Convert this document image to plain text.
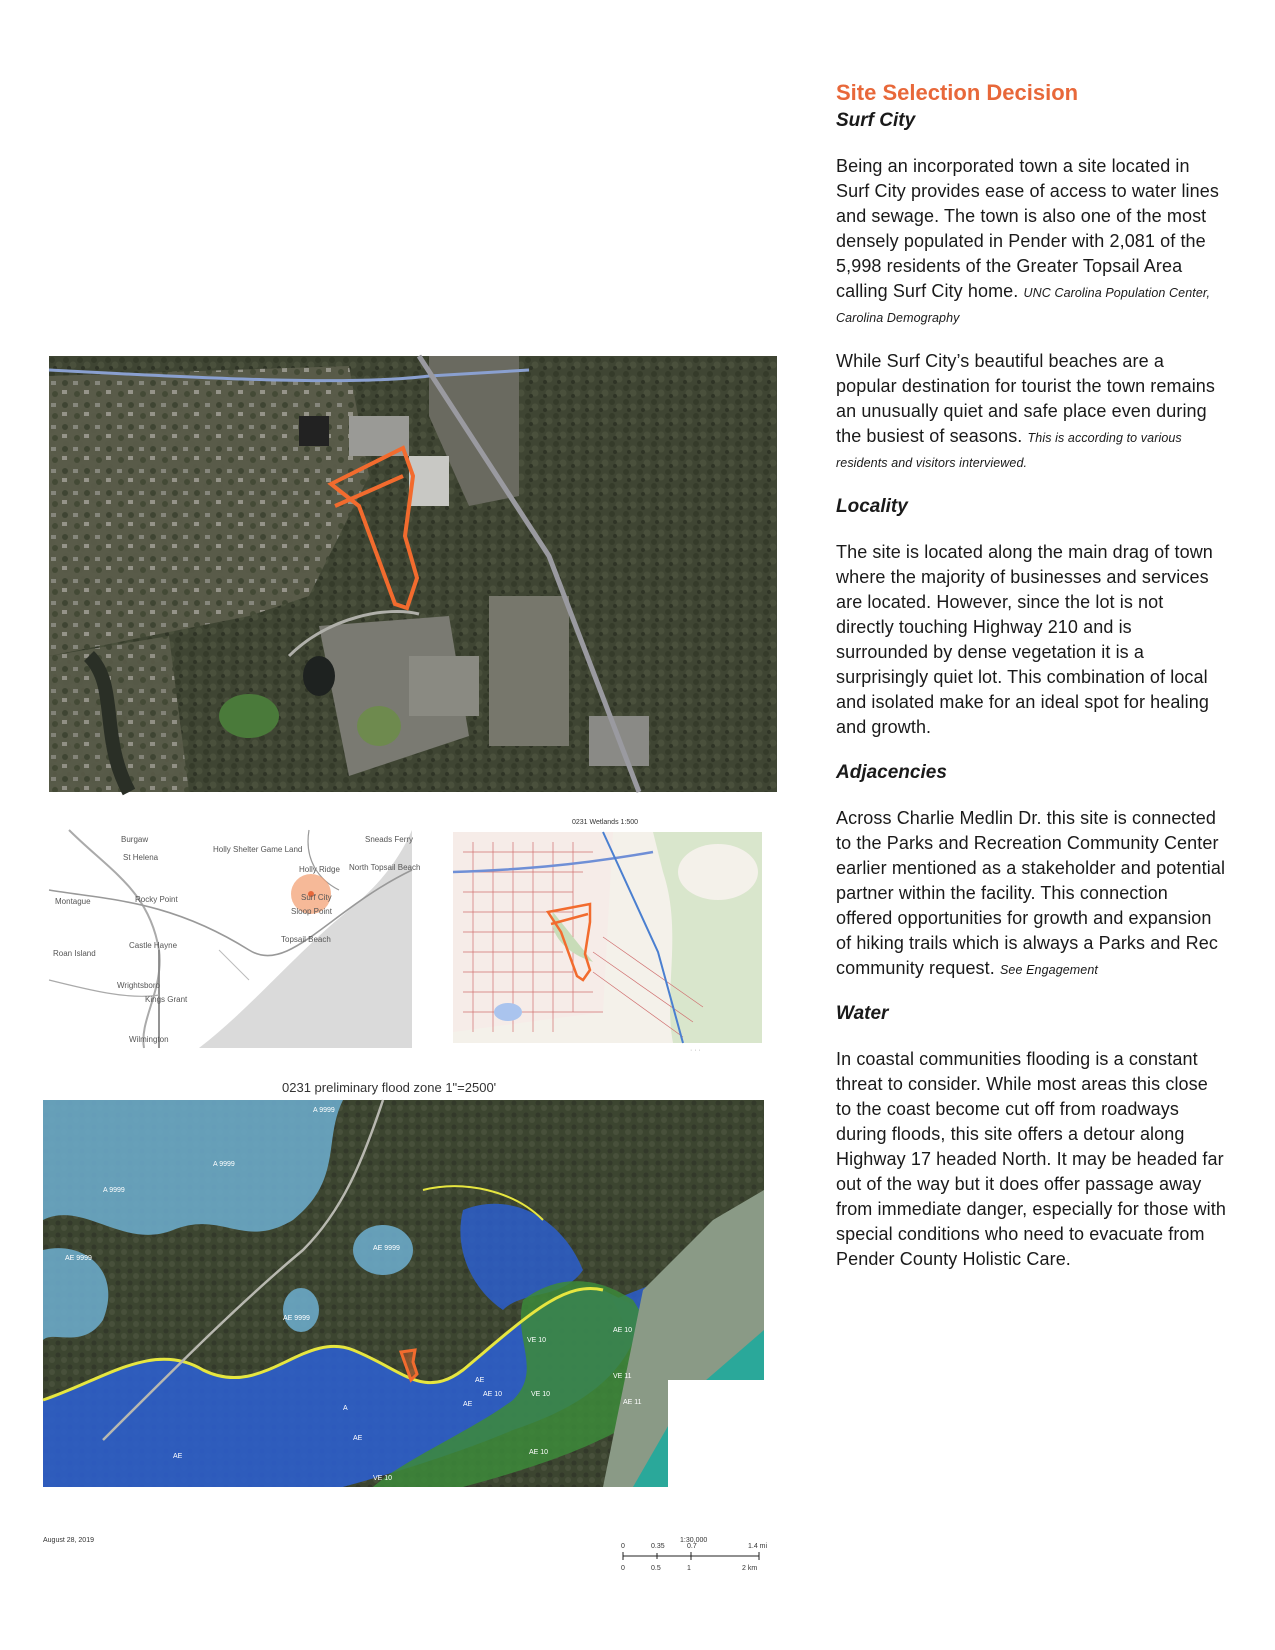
Site Selection Decision
Surf City

Being an incorporated town a site located in Surf City provides ease of access to water lines and sewage. The town is also one of the most densely populated in Pender with 2,081 of the 5,998 residents of the Greater Topsail Area calling Surf City home. UNC Carolina Population Center, Carolina Demography

While Surf City’s beautiful beaches are a popular destination for tourist the town remains an unusually quiet and safe place even during the busiest of seasons. This is according to various residents and visitors interviewed.

Locality

The site is located along the main drag of town where the majority of businesses and services are located. However, since the lot is not directly touching Highway 210 and is surrounded by dense vegetation it is a surprisingly quiet lot. This combination of local and isolated make for an ideal spot for healing and growth.

Adjacencies

Across Charlie Medlin Dr. this site is connected to the Parks and Recreation Community Center earlier mentioned as a stakeholder and potential partner within the facility. This connection offered opportunities for growth and expansion of hiking trails which is always a Parks and Rec community request. See Engagement

Water

In coastal communities flooding is a constant threat to consider. While most areas this close to the coast become cut off from roadways during floods, this site offers a detour along Highway 17 headed North. It may be headed far out of the way but it does offer passage away from immediate danger, especially for those with special conditions who need to evacuate from Pender County Holistic Care.

Burgaw
St Helena
Holly Shelter Game Land
Sneads Ferry
Holly Ridge North Topsail Beach
Surf City
Sloop Point
Rocky Point
Topsail Beach
Montague
Castle Hayne
Wrightsboro
Kings Grant
Wilmington
Roan Island
0231 Wetlands 1:500
· · ·
0231 preliminary flood zone 1"=2500'
A 9999
A 9999
A 9999
AE 9999
AE 9999
AE 9999
A
AE
AE
AE
AE
AE 10
VE 10
VE 10
VE 10
AE 10
VE 11
AE 11
AE 10
August 28, 2019	1:30,000
0	0.35	0.7	1.4 mi
0	0.5	1	2 km
